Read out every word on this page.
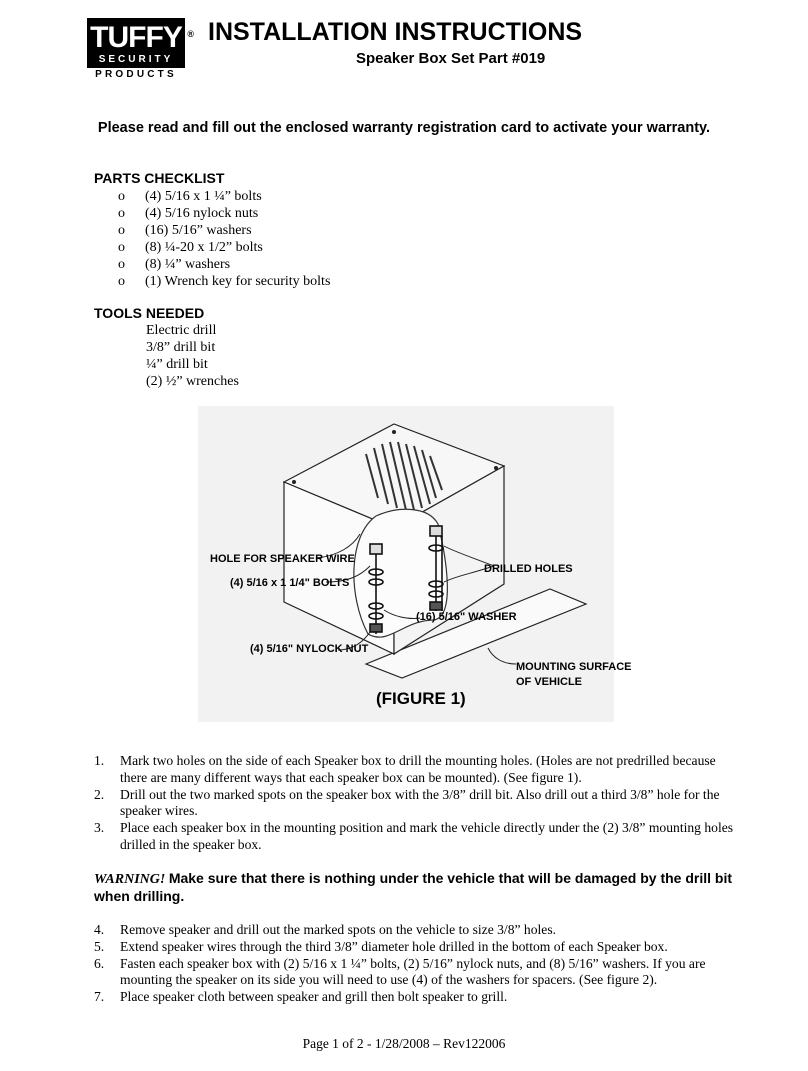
TUFFY ®
SECURITY
PRODUCTS
INSTALLATION INSTRUCTIONS
Speaker Box Set Part #019
Please read and fill out the enclosed warranty registration card to activate your warranty.
PARTS CHECKLIST
o (4) 5/16 x 1 ¼” bolts
o (4) 5/16 nylock nuts
o (16) 5/16” washers
o (8) ¼-20 x 1/2” bolts
o (8) ¼” washers
o (1) Wrench key for security bolts
TOOLS NEEDED
Electric drill
3/8” drill bit
¼” drill bit
(2) ½” wrenches
HOLE FOR SPEAKER WIRE
(4) 5/16 x 1 1/4" BOLTS
DRILLED HOLES
(16) 5/16" WASHER
(4) 5/16" NYLOCK NUT
MOUNTING SURFACE
OF VEHICLE
(FIGURE 1)
1. Mark two holes on the side of each Speaker box to drill the mounting holes. (Holes are not predrilled because there are many different ways that each speaker box can be mounted). (See figure 1).
2. Drill out the two marked spots on the speaker box with the 3/8” drill bit. Also drill out a third 3/8” hole for the speaker wires.
3. Place each speaker box in the mounting position and mark the vehicle directly under the (2) 3/8” mounting holes drilled in the speaker box.
WARNING! Make sure that there is nothing under the vehicle that will be damaged by the drill bit when drilling.
4. Remove speaker and drill out the marked spots on the vehicle to size 3/8” holes.
5. Extend speaker wires through the third 3/8” diameter hole drilled in the bottom of each Speaker box.
6. Fasten each speaker box with (2) 5/16 x 1 ¼” bolts, (2) 5/16” nylock nuts, and (8) 5/16” washers. If you are mounting the speaker on its side you will need to use (4) of the washers for spacers. (See figure 2).
7. Place speaker cloth between speaker and grill then bolt speaker to grill.
Page 1 of 2 - 1/28/2008 – Rev122006
